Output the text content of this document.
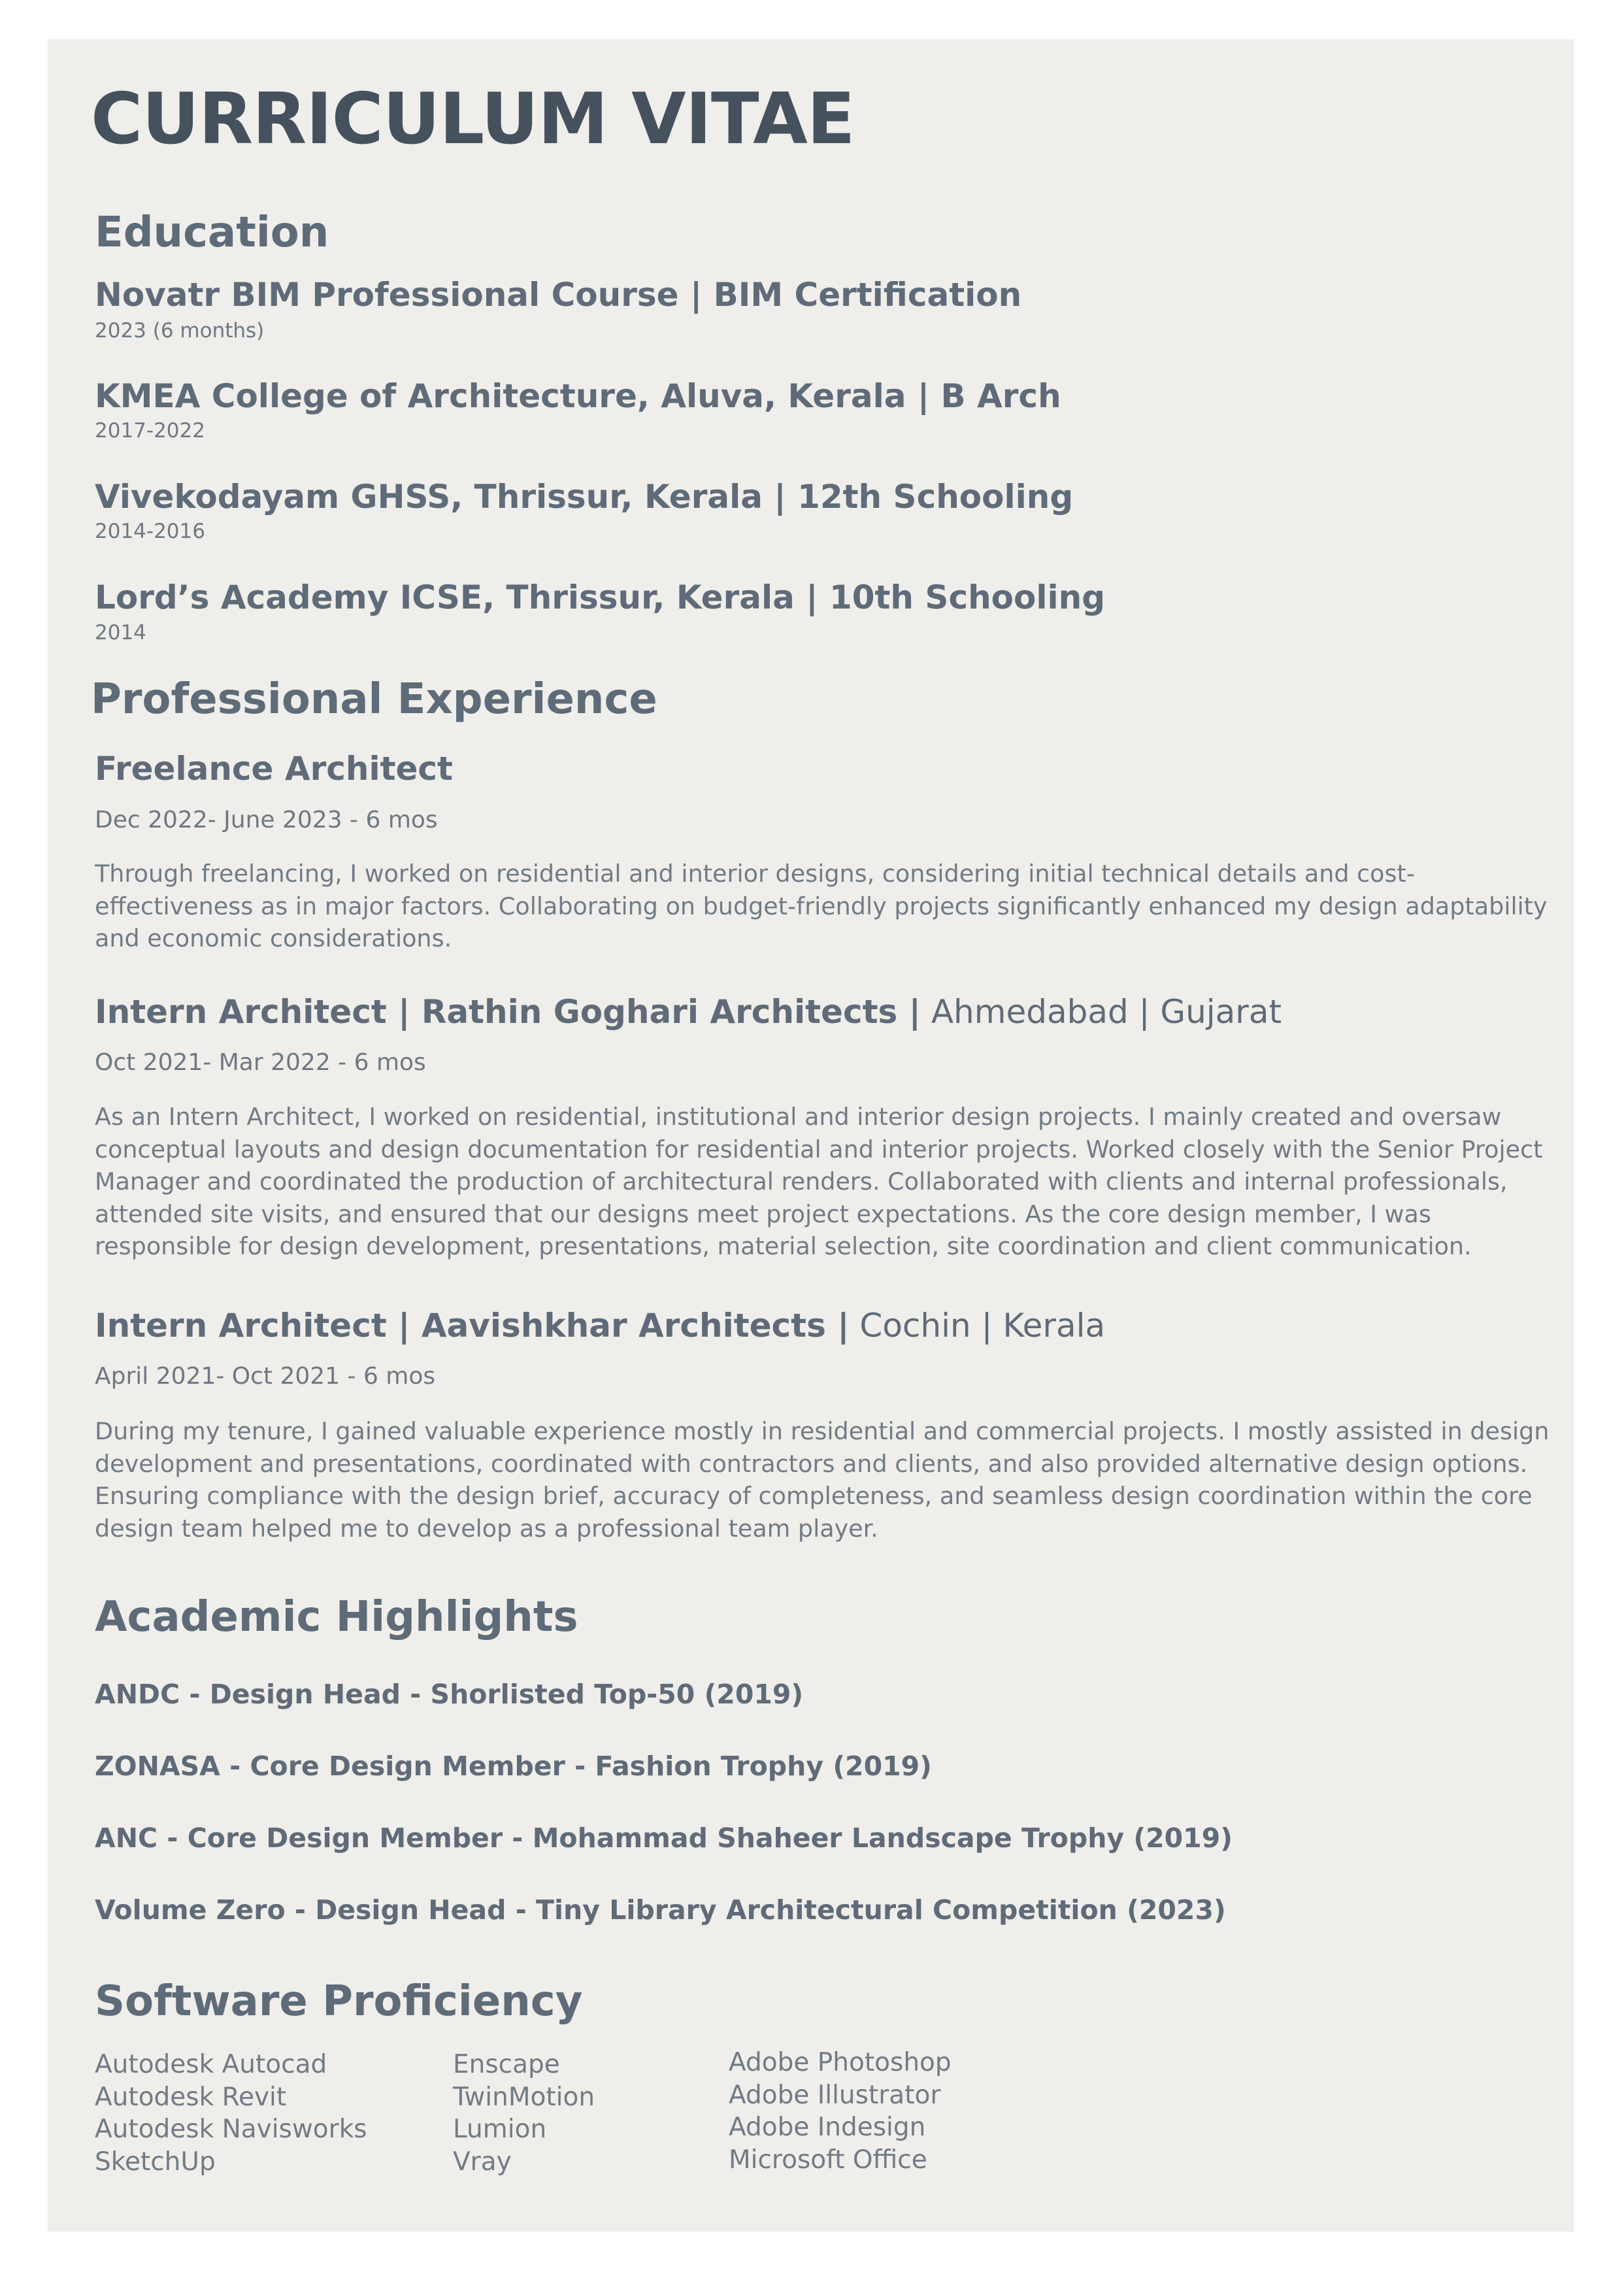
CURRICULUM VITAE
Education
Novatr BIM Professional Course | BIM Certification
2023 (6 months)
KMEA College of Architecture, Aluva, Kerala | B Arch
2017-2022
Vivekodayam GHSS, Thrissur, Kerala | 12th Schooling
2014-2016
Lord’s Academy ICSE, Thrissur, Kerala | 10th Schooling
2014
Professional Experience
Freelance Architect
Dec 2022- June 2023 - 6 mos

Through freelancing, I worked on residential and interior designs, considering initial technical details and cost-effectiveness as in major factors. Collaborating on budget-friendly projects significantly enhanced my design adaptability and economic considerations.

Intern Architect | Rathin Goghari Architects | Ahmedabad | Gujarat
Oct 2021- Mar 2022 - 6 mos

As an Intern Architect, I worked on residential, institutional and interior design projects. I mainly created and oversaw conceptual layouts and design documentation for residential and interior projects. Worked closely with the Senior Project Manager and coordinated the production of architectural renders. Collaborated with clients and internal professionals, attended site visits, and ensured that our designs meet project expectations. As the core design member, I was responsible for design development, presentations, material selection, site coordination and client communication.

Intern Architect | Aavishkhar Architects | Cochin | Kerala
April 2021- Oct 2021 - 6 mos

During my tenure, I gained valuable experience mostly in residential and commercial projects. I mostly assisted in design development and presentations, coordinated with contractors and clients, and also provided alternative design options. Ensuring compliance with the design brief, accuracy of completeness, and seamless design coordination within the core design team helped me to develop as a professional team player.

Academic Highlights

ANDC - Design Head - Shorlisted Top-50 (2019)

ZONASA - Core Design Member - Fashion Trophy (2019)

ANC - Core Design Member - Mohammad Shaheer Landscape Trophy (2019)

Volume Zero - Design Head - Tiny Library Architectural Competition (2023)

Software Proficiency
Autodesk Autocad
Autodesk Revit
Autodesk Navisworks
SketchUp
Enscape
TwinMotion
Lumion
Vray
Adobe Photoshop
Adobe Illustrator
Adobe Indesign
Microsoft Office
